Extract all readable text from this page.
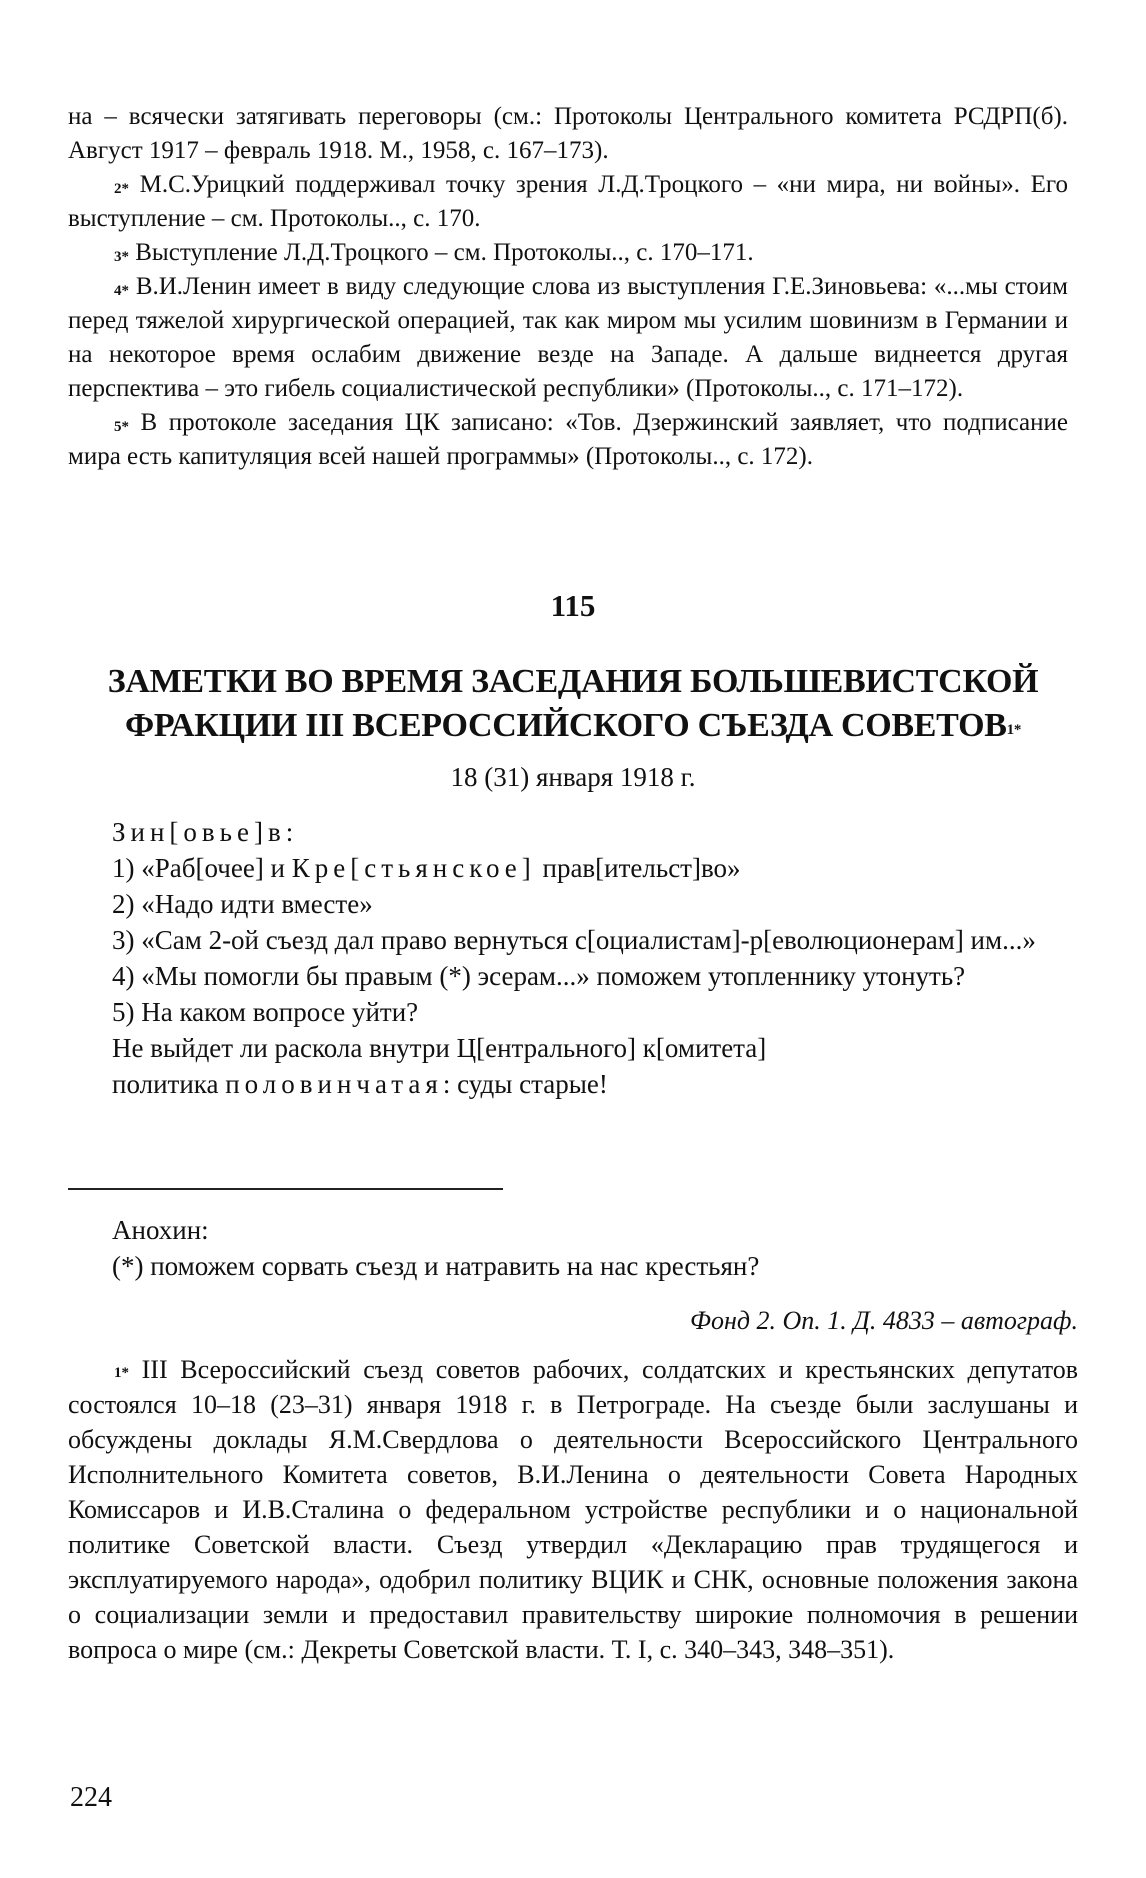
на – всячески затягивать переговоры (см.: Протоколы Центрального комитета РСДРП(б). Август 1917 – февраль 1918. М., 1958, с. 167–173).

$^{2*}$ М.С.Урицкий поддерживал точку зрения Л.Д.Троцкого – «ни мира, ни войны». Его выступление – см. Протоколы.., с. 170.

$^{3*}$ Выступление Л.Д.Троцкого – см. Протоколы.., с. 170–171.

$^{4*}$ В.И.Ленин имеет в виду следующие слова из выступления Г.Е.Зиновьева: «...мы стоим перед тяжелой хирургической операцией, так как миром мы усилим шовинизм в Германии и на некоторое время ослабим движение везде на Западе. А дальше виднеется другая перспектива – это гибель социалистической республики» (Протоколы.., с. 171–172).

$^{5*}$ В протоколе заседания ЦК записано: «Тов. Дзержинский заявляет, что подписание мира есть капитуляция всей нашей программы» (Протоколы.., с. 172).

115
ЗАМЕТКИ ВО ВРЕМЯ ЗАСЕДАНИЯ БОЛЬШЕВИСТСКОЙ ФРАКЦИИ III ВСЕРОССИЙСКОГО СЪЕЗДА $СОВЕТОВ^{1*}$
18 (31) января 1918 г.

Зин[овье]в:

1) «Раб[очее] и Кре[стьянское] прав[ительст]во»

2) «Надо идти вместе»

3) «Сам 2-ой съезд дал право вернуться с[оциалистам]-р[еволюционерам] им...»

4) «Мы помогли бы правым (*) эсерам...» поможем утопленнику утонуть?

5) На каком вопросе уйти?

Не выйдет ли раскола внутри Ц[ентрального] к[омитета]

политика половинчатая: суды старые!

Анохин:

(*) поможем сорвать съезд и натравить на нас крестьян?

Фонд 2. Оп. 1. Д. 4833 – автограф.

$^{1*}$ III Всероссийский съезд советов рабочих, солдатских и крестьянских депутатов состоялся 10–18 (23–31) января 1918 г. в Петрограде. На съезде были заслушаны и обсуждены доклады Я.М.Свердлова о деятельности Всероссийского Центрального Исполнительного Комитета советов, В.И.Ленина о деятельности Совета Народных Комиссаров и И.В.Сталина о федеральном устройстве республики и о национальной политике Советской власти. Съезд утвердил «Декларацию прав трудящегося и эксплуатируемого народа», одобрил политику ВЦИК и СНК, основные положения закона о социализации земли и предоставил правительству широкие полномочия в решении вопроса о мире (см.: Декреты Советской власти. Т. I, с. 340–343, 348–351).

224
